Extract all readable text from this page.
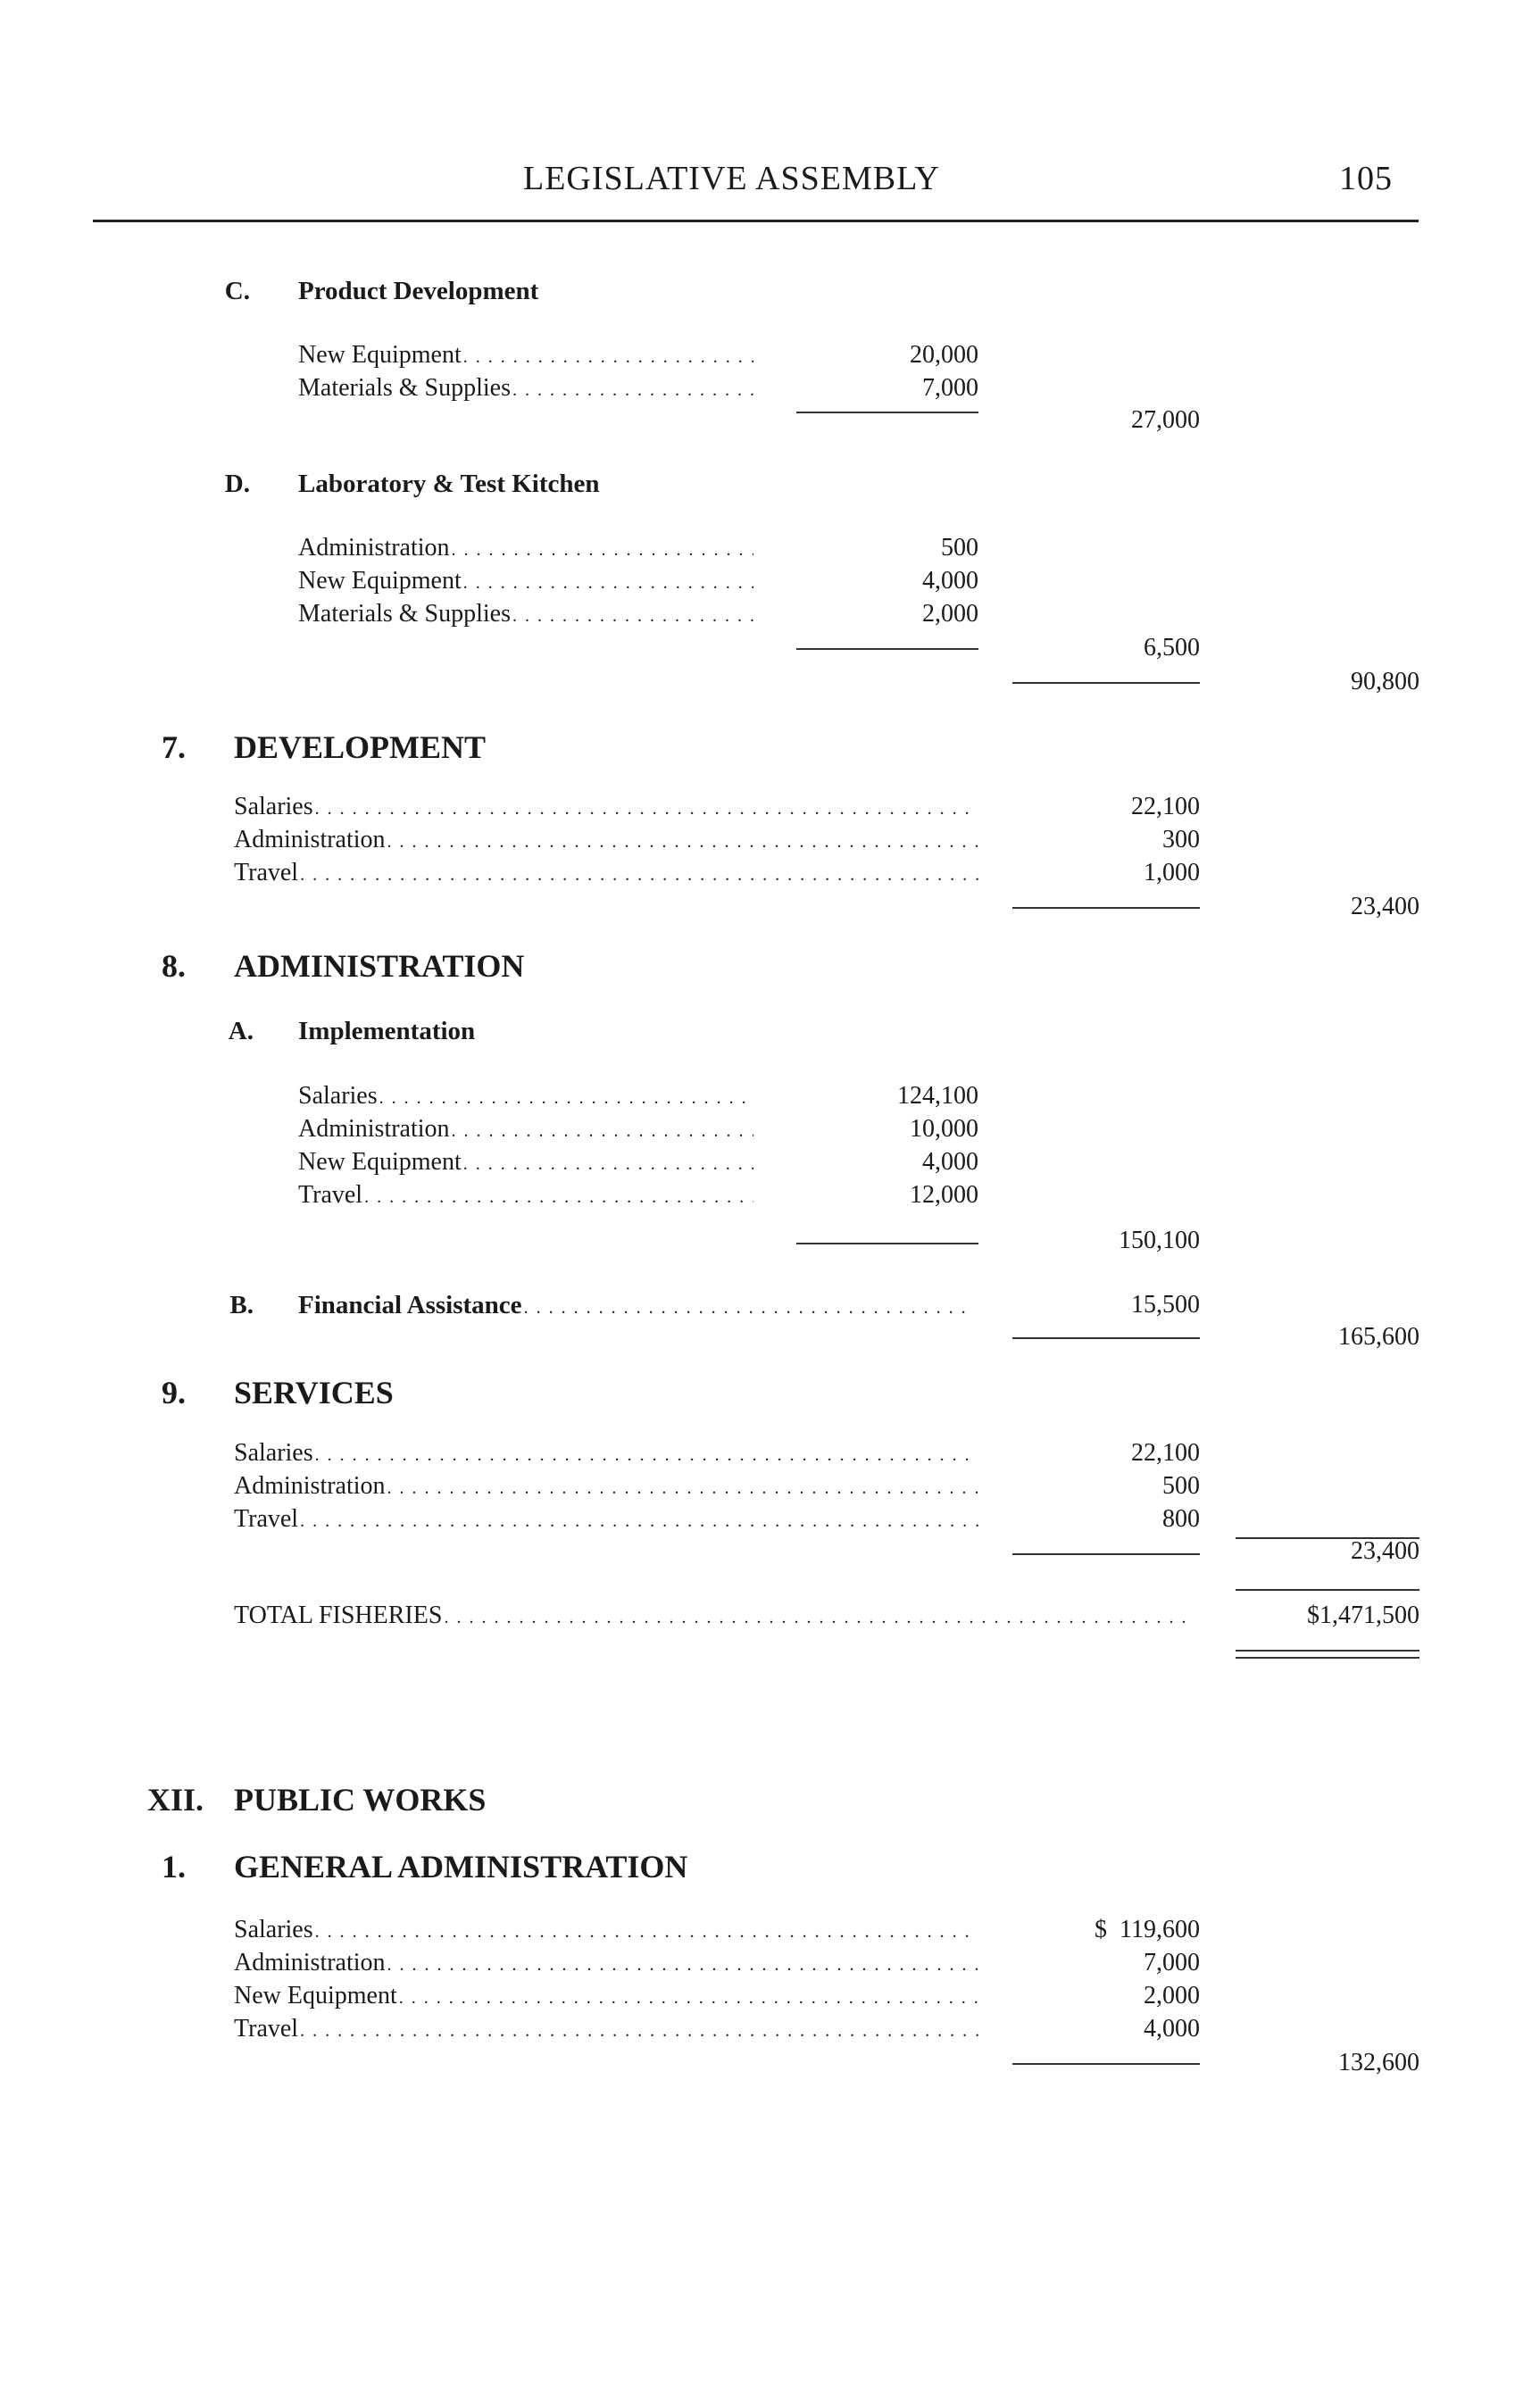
LEGISLATIVE ASSEMBLY	105
C. Product Development
New Equipment . . .	20,000
Materials & Supplies . . .	7,000
27,000
D. Laboratory & Test Kitchen
Administration . . .	500
New Equipment . . .	4,000
Materials & Supplies . . .	2,000
6,500
90,800
7. DEVELOPMENT
Salaries . . .	22,100
Administration . . .	300
Travel . . .	1,000
23,400
8. ADMINISTRATION
A. Implementation
Salaries . . .	124,100
Administration . . .	10,000
New Equipment . . .	4,000
Travel . . .	12,000
150,100
B. Financial Assistance . . .	15,500
165,600
9. SERVICES
Salaries . . .	22,100
Administration . . .	500
Travel . . .	800
23,400
TOTAL FISHERIES . . .	$1,471,500
XII. PUBLIC WORKS
1. GENERAL ADMINISTRATION
Salaries . . .	$  119,600
Administration . . .	7,000
New Equipment . . .	2,000
Travel . . .	4,000
132,600
